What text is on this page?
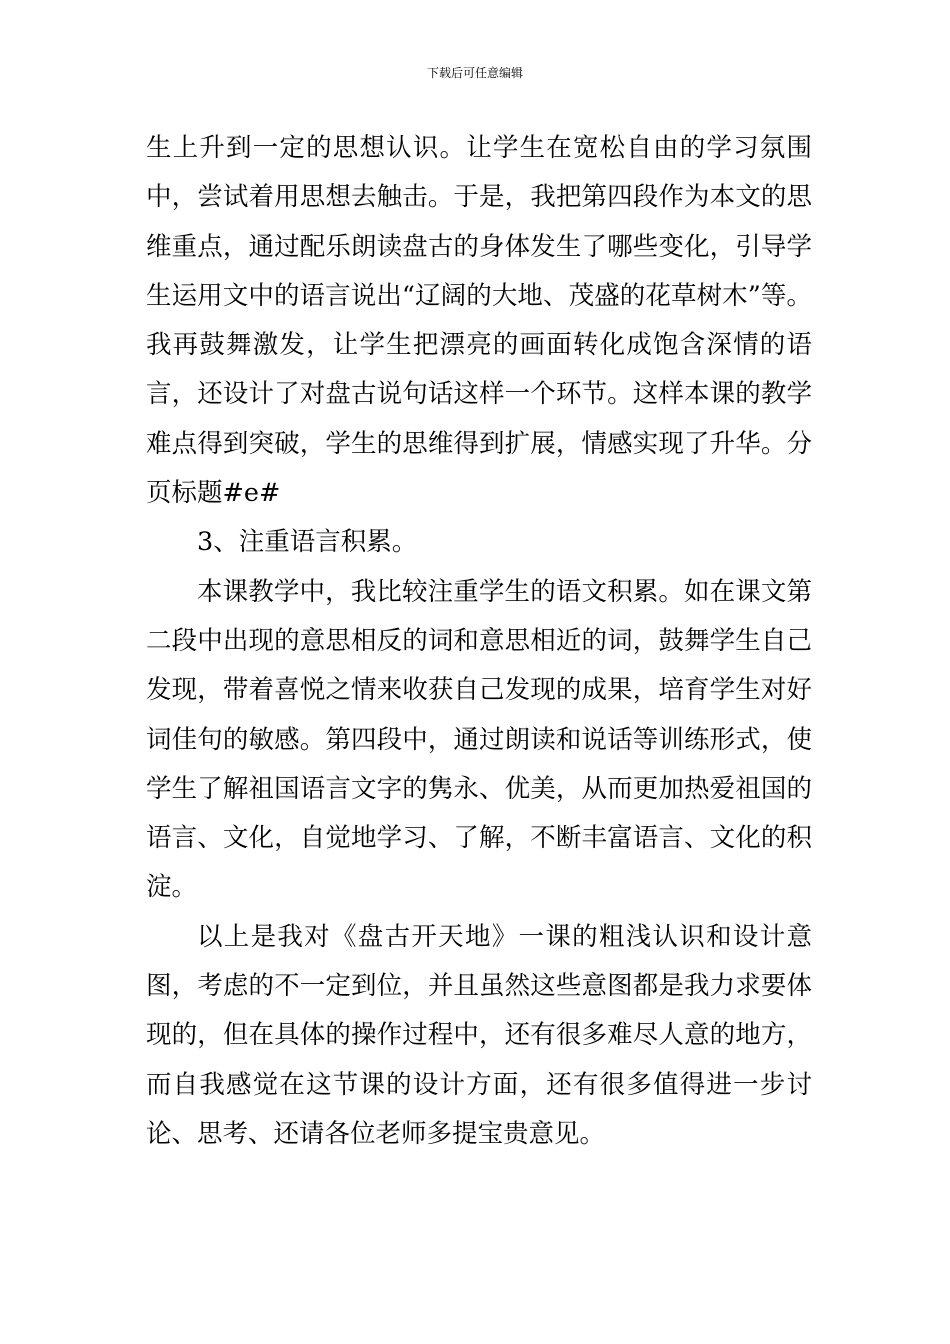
下载后可任意编辑

生上升到一定的思想认识。让学生在宽松自由的学习氛围中，尝试着用思想去触击。于是，我把第四段作为本文的思维重点，通过配乐朗读盘古的身体发生了哪些变化，引导学生运用文中的语言说出“辽阔的大地、茂盛的花草树木”等。我再鼓舞激发，让学生把漂亮的画面转化成饱含深情的语言，还设计了对盘古说句话这样一个环节。这样本课的教学难点得到突破，学生的思维得到扩展，情感实现了升华。分页标题#e#

3、注重语言积累。

本课教学中，我比较注重学生的语文积累。如在课文第二段中出现的意思相反的词和意思相近的词，鼓舞学生自己发现，带着喜悦之情来收获自己发现的成果，培育学生对好词佳句的敏感。第四段中，通过朗读和说话等训练形式，使学生了解祖国语言文字的隽永、优美，从而更加热爱祖国的语言、文化，自觉地学习、了解，不断丰富语言、文化的积淀。

以上是我对《盘古开天地》一课的粗浅认识和设计意图，考虑的不一定到位，并且虽然这些意图都是我力求要体现的，但在具体的操作过程中，还有很多难尽人意的地方，而自我感觉在这节课的设计方面，还有很多值得进一步讨论、思考、还请各位老师多提宝贵意见。
